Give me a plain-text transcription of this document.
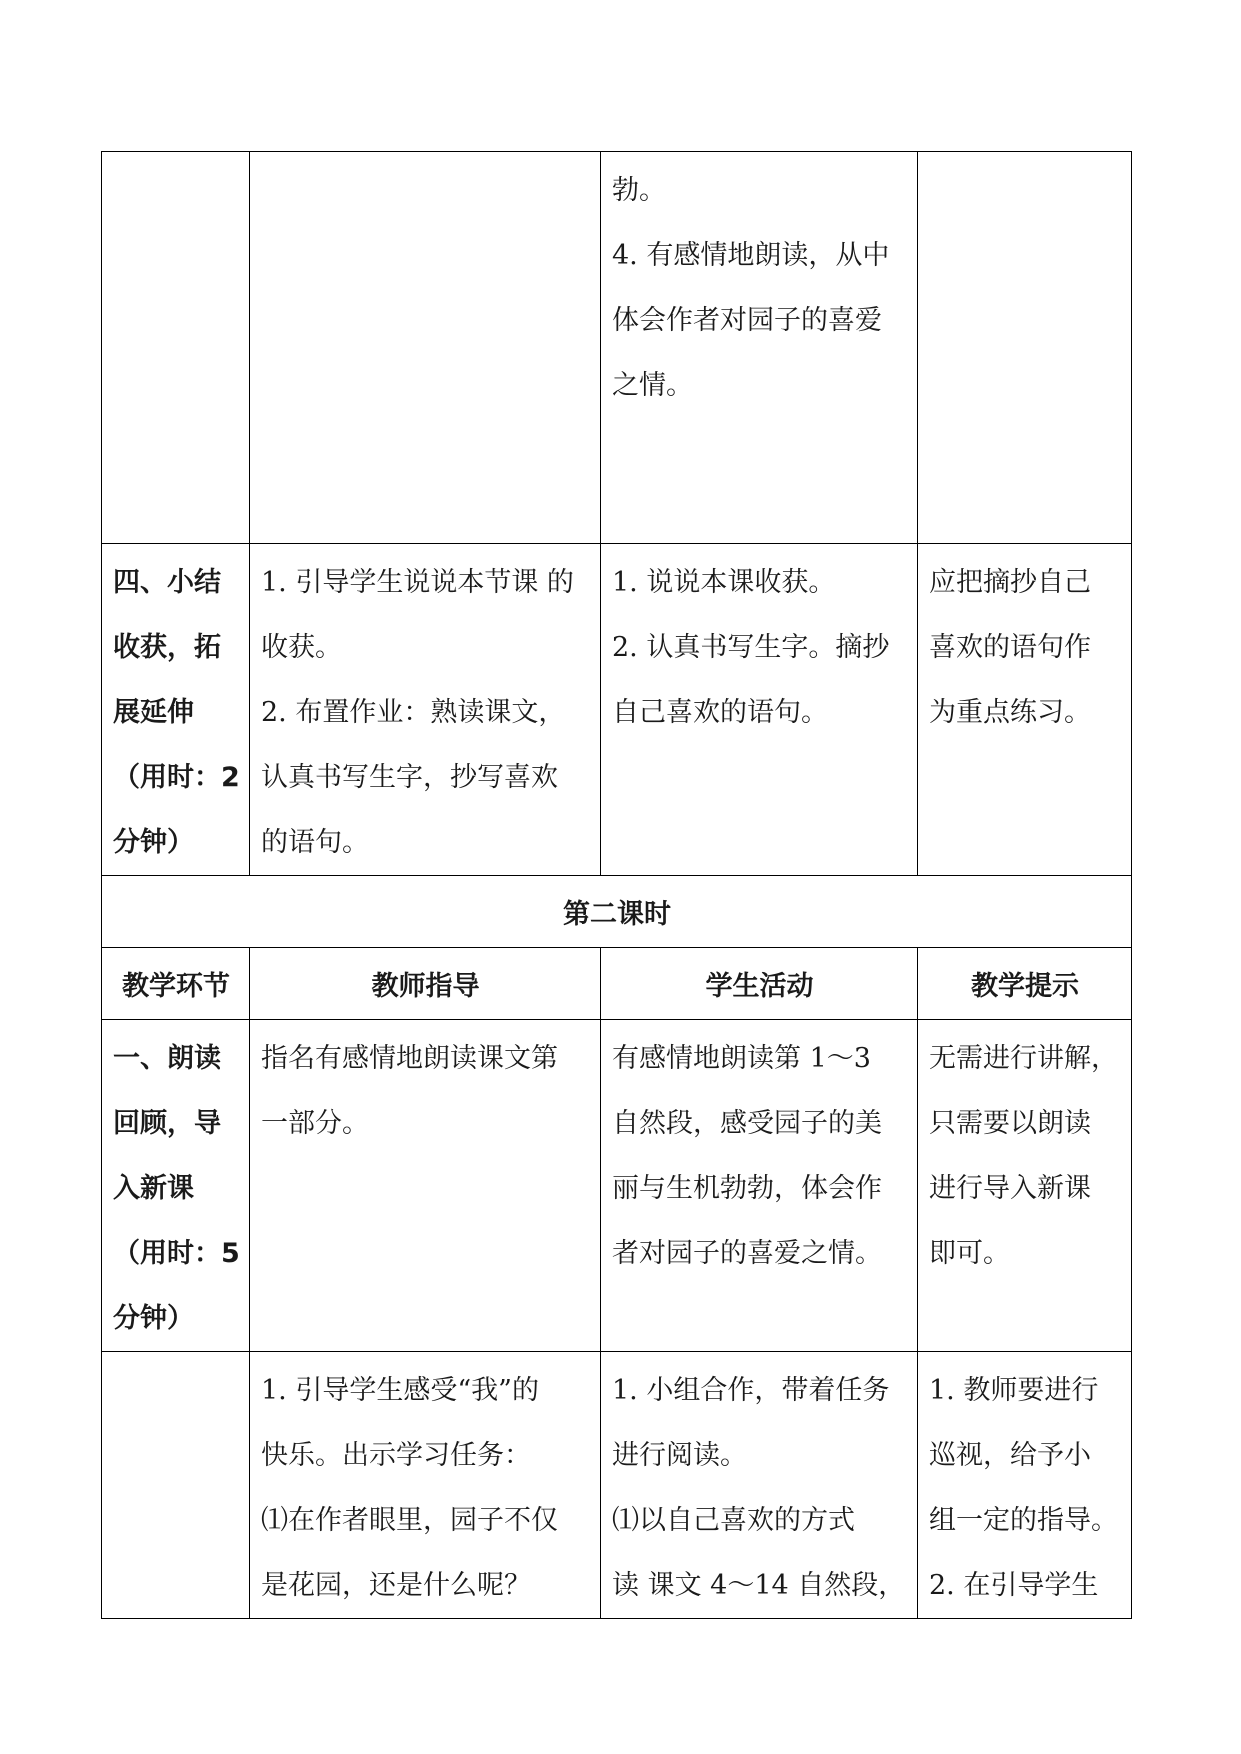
		勃。
4. 有感情地朗读，从中
体会作者对园子的喜爱
之情。	

四、小结
收获，拓
展延伸
（用时：2
分钟）	1. 引导学生说说本节课 的
收获。
2. 布置作业：熟读课文，
认真书写生字，抄写喜欢
的语句。	1. 说说本课收获。
2. 认真书写生字。摘抄
自己喜欢的语句。	应把摘抄自己
喜欢的语句作
为重点练习。

第二课时			
教学环节	教师指导	学生活动	教学提示

一、朗读
回顾，导
入新课
（用时：5
分钟）	指名有感情地朗读课文第
一部分。	有感情地朗读第 1～3
自然段，感受园子的美
丽与生机勃勃，体会作
者对园子的喜爱之情。	无需进行讲解，
只需要以朗读
进行导入新课
即可。

	1. 引导学生感受“我”的
快乐。出示学习任务：
⑴在作者眼里，园子不仅
是花园，还是什么呢？	1. 小组合作，带着任务
进行阅读。
⑴以自己喜欢的方式
读 课文 4～14 自然段，	1. 教师要进行
巡视，给予小
组一定的指导。
2. 在引导学生
